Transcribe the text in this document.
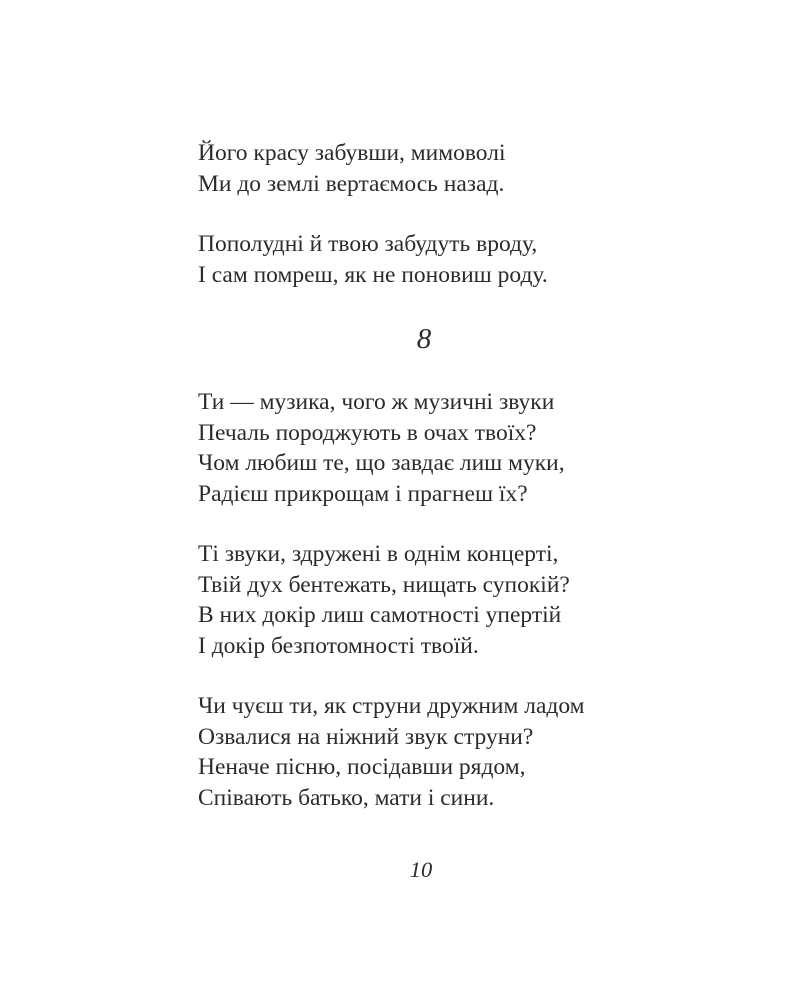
Його красу забувши, мимоволі
Ми до землі вертаємось назад.
Пополудні й твою забудуть вроду,
І сам помреш, як не поновиш роду.
8
Ти — музика, чого ж музичні звуки
Печаль породжують в очах твоїх?
Чом любиш те, що завдає лиш муки,
Радієш прикрощам і прагнеш їх?
Ті звуки, здружені в однім концерті,
Твій дух бентежать, нищать супокій?
В них докір лиш самотності упертій
І докір безпотомності твоїй.
Чи чуєш ти, як струни дружним ладом
Озвалися на ніжний звук струни?
Неначе пісню, посідавши рядом,
Співають батько, мати і сини.
10
